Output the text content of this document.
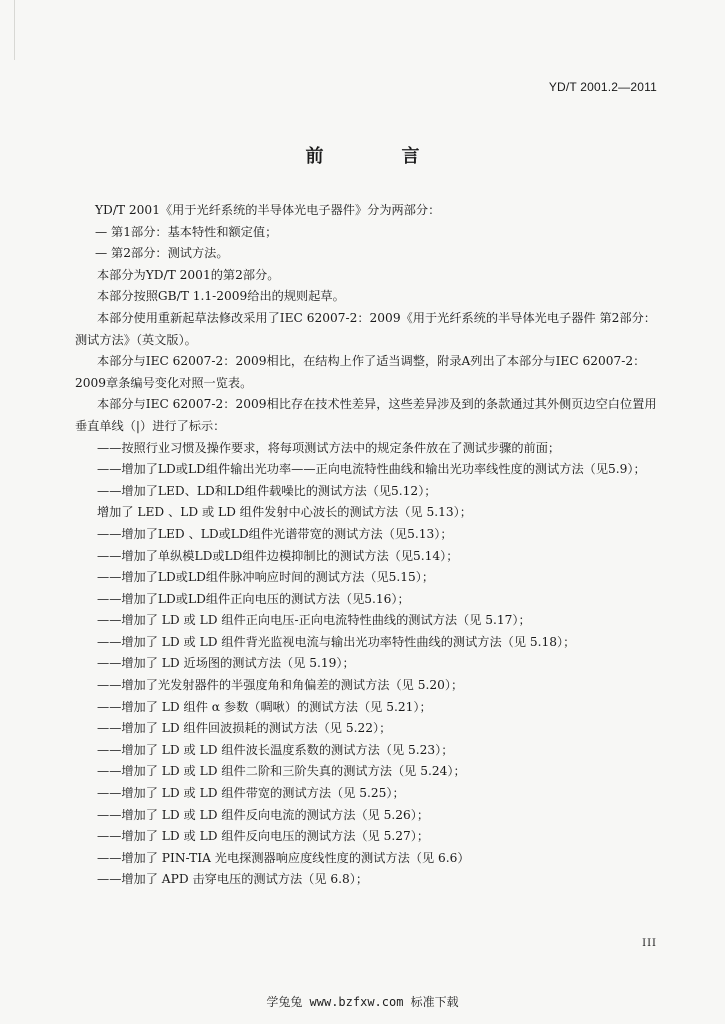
YD/T 2001.2—2011
前　言

YD/T 2001《用于光纤系统的半导体光电子器件》分为两部分：

— 第1部分：基本特性和额定值；

— 第2部分：测试方法。

本部分为YD/T 2001的第2部分。

本部分按照GB/T 1.1-2009给出的规则起草。

本部分使用重新起草法修改采用了IEC 62007-2：2009《用于光纤系统的半导体光电子器件 第2部分：测试方法》（英文版）。

本部分与IEC 62007-2：2009相比，在结构上作了适当调整，附录A列出了本部分与IEC 62007-2：2009章条编号变化对照一览表。

本部分与IEC 62007-2：2009相比存在技术性差异，这些差异涉及到的条款通过其外侧页边空白位置用垂直单线（|）进行了标示：

——按照行业习惯及操作要求，将每项测试方法中的规定条件放在了测试步骤的前面；

——增加了LD或LD组件输出光功率——正向电流特性曲线和输出光功率线性度的测试方法（见5.9）；

——增加了LED、LD和LD组件载噪比的测试方法（见5.12）；

增加了 LED 、LD 或 LD 组件发射中心波长的测试方法（见 5.13）；

——增加了LED 、LD或LD组件光谱带宽的测试方法（见5.13）；

——增加了单纵模LD或LD组件边模抑制比的测试方法（见5.14）；

——增加了LD或LD组件脉冲响应时间的测试方法（见5.15）；

——增加了LD或LD组件正向电压的测试方法（见5.16）；

——增加了 LD 或 LD 组件正向电压-正向电流特性曲线的测试方法（见 5.17）；

——增加了 LD 或 LD 组件背光监视电流与输出光功率特性曲线的测试方法（见 5.18）；

——增加了 LD 近场图的测试方法（见 5.19）；

——增加了光发射器件的半强度角和角偏差的测试方法（见 5.20）；

——增加了 LD 组件 α 参数（啁啾）的测试方法（见 5.21）；

——增加了 LD 组件回波损耗的测试方法（见 5.22）；

——增加了 LD 或 LD 组件波长温度系数的测试方法（见 5.23）；

——增加了 LD 或 LD 组件二阶和三阶失真的测试方法（见 5.24）；

——增加了 LD 或 LD 组件带宽的测试方法（见 5.25）；

——增加了 LD 或 LD 组件反向电流的测试方法（见 5.26）；

——增加了 LD 或 LD 组件反向电压的测试方法（见 5.27）；

——增加了 PIN-TIA 光电探测器响应度线性度的测试方法（见 6.6）

——增加了 APD 击穿电压的测试方法（见 6.8）；

III
学兔兔 www.bzfxw.com 标准下载
